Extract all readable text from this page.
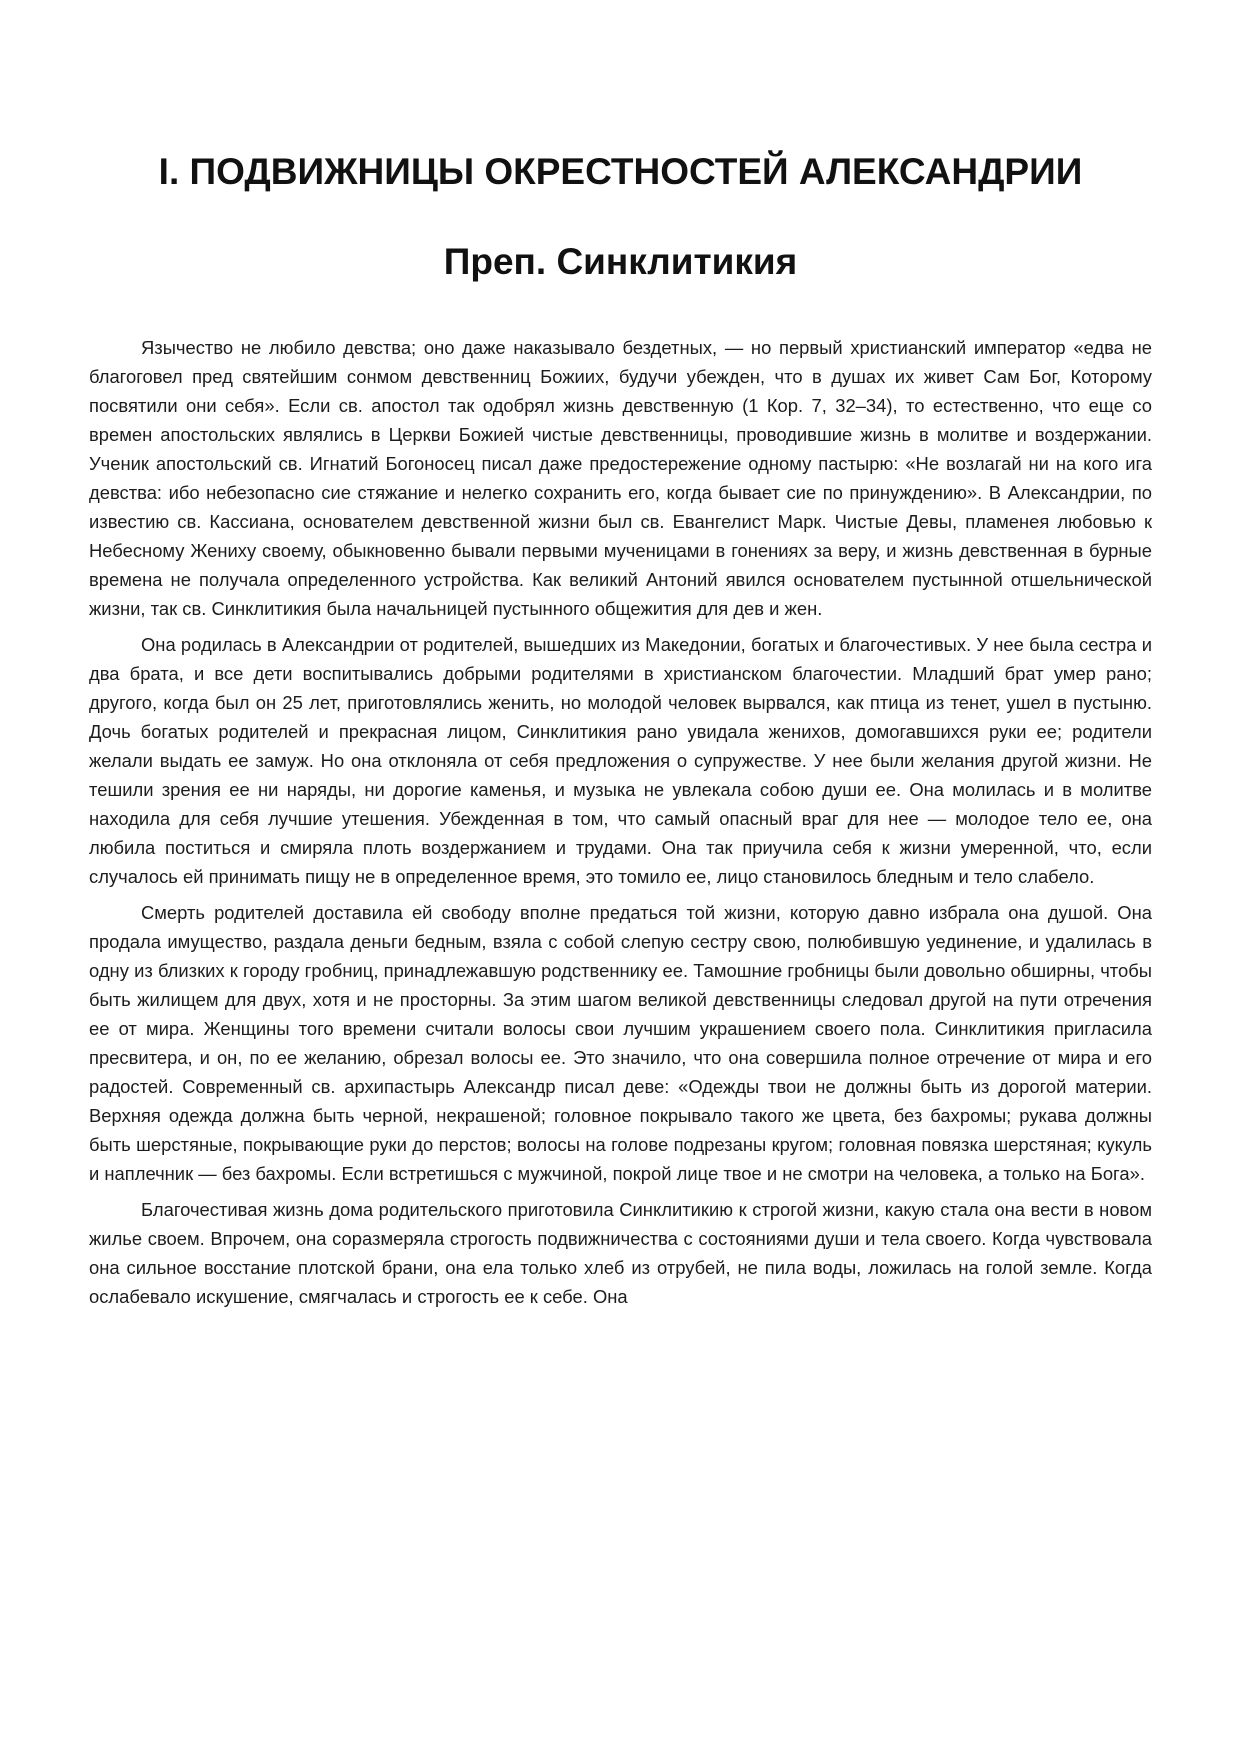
I. ПОДВИЖНИЦЫ ОКРЕСТНОСТЕЙ АЛЕКСАНДРИИ
Преп. Синклитикия

Язычество не любило девства; оно даже наказывало бездетных, — но первый христианский император «едва не благоговел пред святейшим сонмом девственниц Божиих, будучи убежден, что в душах их живет Сам Бог, Которому посвятили они себя». Если св. апостол так одобрял жизнь девственную (1 Кор. 7, 32–34), то естественно, что еще со времен апостольских являлись в Церкви Божией чистые девственницы, проводившие жизнь в молитве и воздержании. Ученик апостольский св. Игнатий Богоносец писал даже предостережение одному пастырю: «Не возлагай ни на кого ига девства: ибо небезопасно сие стяжание и нелегко сохранить его, когда бывает сие по принуждению». В Александрии, по известию св. Кассиана, основателем девственной жизни был св. Евангелист Марк. Чистые Девы, пламенея любовью к Небесному Жениху своему, обыкновенно бывали первыми мученицами в гонениях за веру, и жизнь девственная в бурные времена не получала определенного устройства. Как великий Антоний явился основателем пустынной отшельнической жизни, так св. Синклитикия была начальницей пустынного общежития для дев и жен.

Она родилась в Александрии от родителей, вышедших из Македонии, богатых и благочестивых. У нее была сестра и два брата, и все дети воспитывались добрыми родителями в христианском благочестии. Младший брат умер рано; другого, когда был он 25 лет, приготовлялись женить, но молодой человек вырвался, как птица из тенет, ушел в пустыню. Дочь богатых родителей и прекрасная лицом, Синклитикия рано увидала женихов, домогавшихся руки ее; родители желали выдать ее замуж. Но она отклоняла от себя предложения о супружестве. У нее были желания другой жизни. Не тешили зрения ее ни наряды, ни дорогие каменья, и музыка не увлекала собою души ее. Она молилась и в молитве находила для себя лучшие утешения. Убежденная в том, что самый опасный враг для нее — молодое тело ее, она любила поститься и смиряла плоть воздержанием и трудами. Она так приучила себя к жизни умеренной, что, если случалось ей принимать пищу не в определенное время, это томило ее, лицо становилось бледным и тело слабело.

Смерть родителей доставила ей свободу вполне предаться той жизни, которую давно избрала она душой. Она продала имущество, раздала деньги бедным, взяла с собой слепую сестру свою, полюбившую уединение, и удалилась в одну из близких к городу гробниц, принадлежавшую родственнику ее. Тамошние гробницы были довольно обширны, чтобы быть жилищем для двух, хотя и не просторны. За этим шагом великой девственницы следовал другой на пути отречения ее от мира. Женщины того времени считали волосы свои лучшим украшением своего пола. Синклитикия пригласила пресвитера, и он, по ее желанию, обрезал волосы ее. Это значило, что она совершила полное отречение от мира и его радостей. Современный св. архипастырь Александр писал деве: «Одежды твои не должны быть из дорогой материи. Верхняя одежда должна быть черной, некрашеной; головное покрывало такого же цвета, без бахромы; рукава должны быть шерстяные, покрывающие руки до перстов; волосы на голове подрезаны кругом; головная повязка шерстяная; кукуль и наплечник — без бахромы. Если встретишься с мужчиной, покрой лице твое и не смотри на человека, а только на Бога».

Благочестивая жизнь дома родительского приготовила Синклитикию к строгой жизни, какую стала она вести в новом жилье своем. Впрочем, она соразмеряла строгость подвижничества с состояниями души и тела своего. Когда чувствовала она сильное восстание плотской брани, она ела только хлеб из отрубей, не пила воды, ложилась на голой земле. Когда ослабевало искушение, смягчалась и строгость ее к себе. Она
